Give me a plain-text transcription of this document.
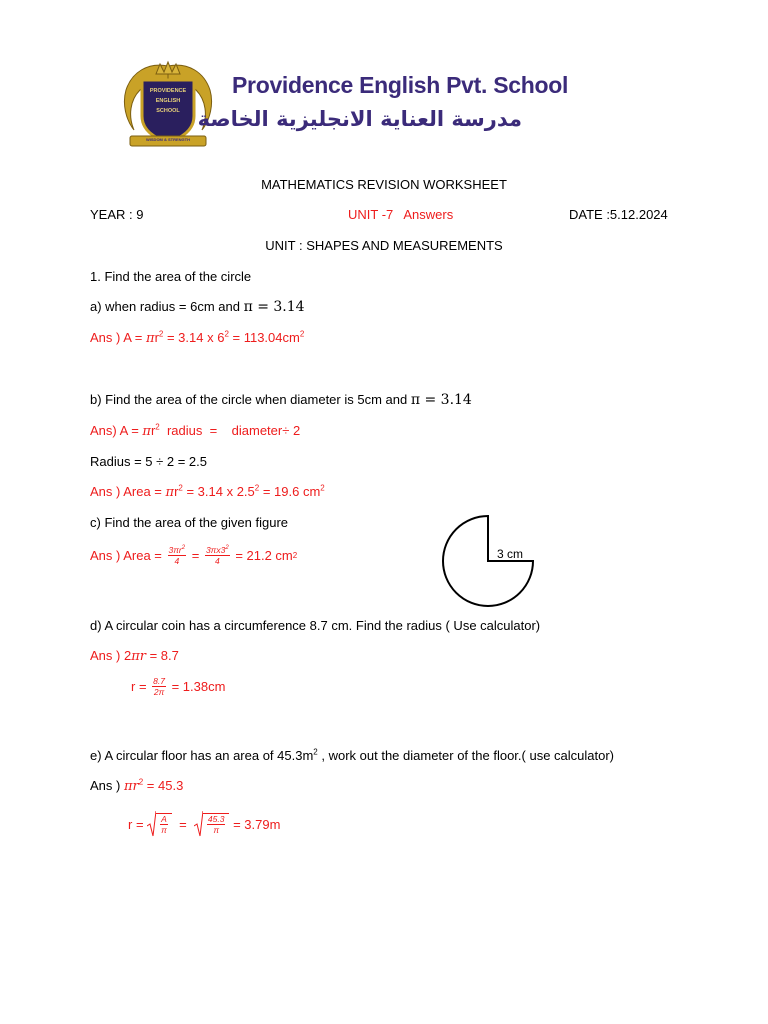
PROVIDENCE
ENGLISH
SCHOOL
WISDOM & STRENGTH
Providence English Pvt. School
مدرسة العناية الانجليزية الخاصة
MATHEMATICS REVISION WORKSHEET
YEAR : 9	UNIT -7   Answers	DATE :5.12.2024
UNIT : SHAPES AND MEASUREMENTS
1. Find the area of the circle
a) when radius = 6cm and π = 3.14
Ans ) $A = \pi r^2 = 3.14$ x $6^2 = 113.04cm^2$
b) Find the area of the circle when diameter is 5cm and π = 3.14
Ans) $A = \pi r^2$  radius  =    diameter÷ 2
Radius = 5 ÷ 2 = 2.5
Ans ) Area = $\pi r^2 = 3.14$ x $2.5^2 = 19.6$ $cm^2$
c) Find the area of the given figure
Ans ) Area = $\frac{3\pi r^2}{4} = \frac{3\pi x3^2}{4} = 21.2$ cm 2	3 cm
d) A circular coin has a circumference 8.7 cm. Find the radius ( Use calculator)
Ans ) 2πr = 8.7
$r = \frac{8.7}{2\pi} = 1.38cm$
e) A circular floor has an area of $45.3m^2$ , work out the diameter of the floor.( use calculator)
Ans ) $\pi r^2 = 45.3$
$r = \frac{A}{\pi} = \frac{45.3}{\pi} = 3.79m$
